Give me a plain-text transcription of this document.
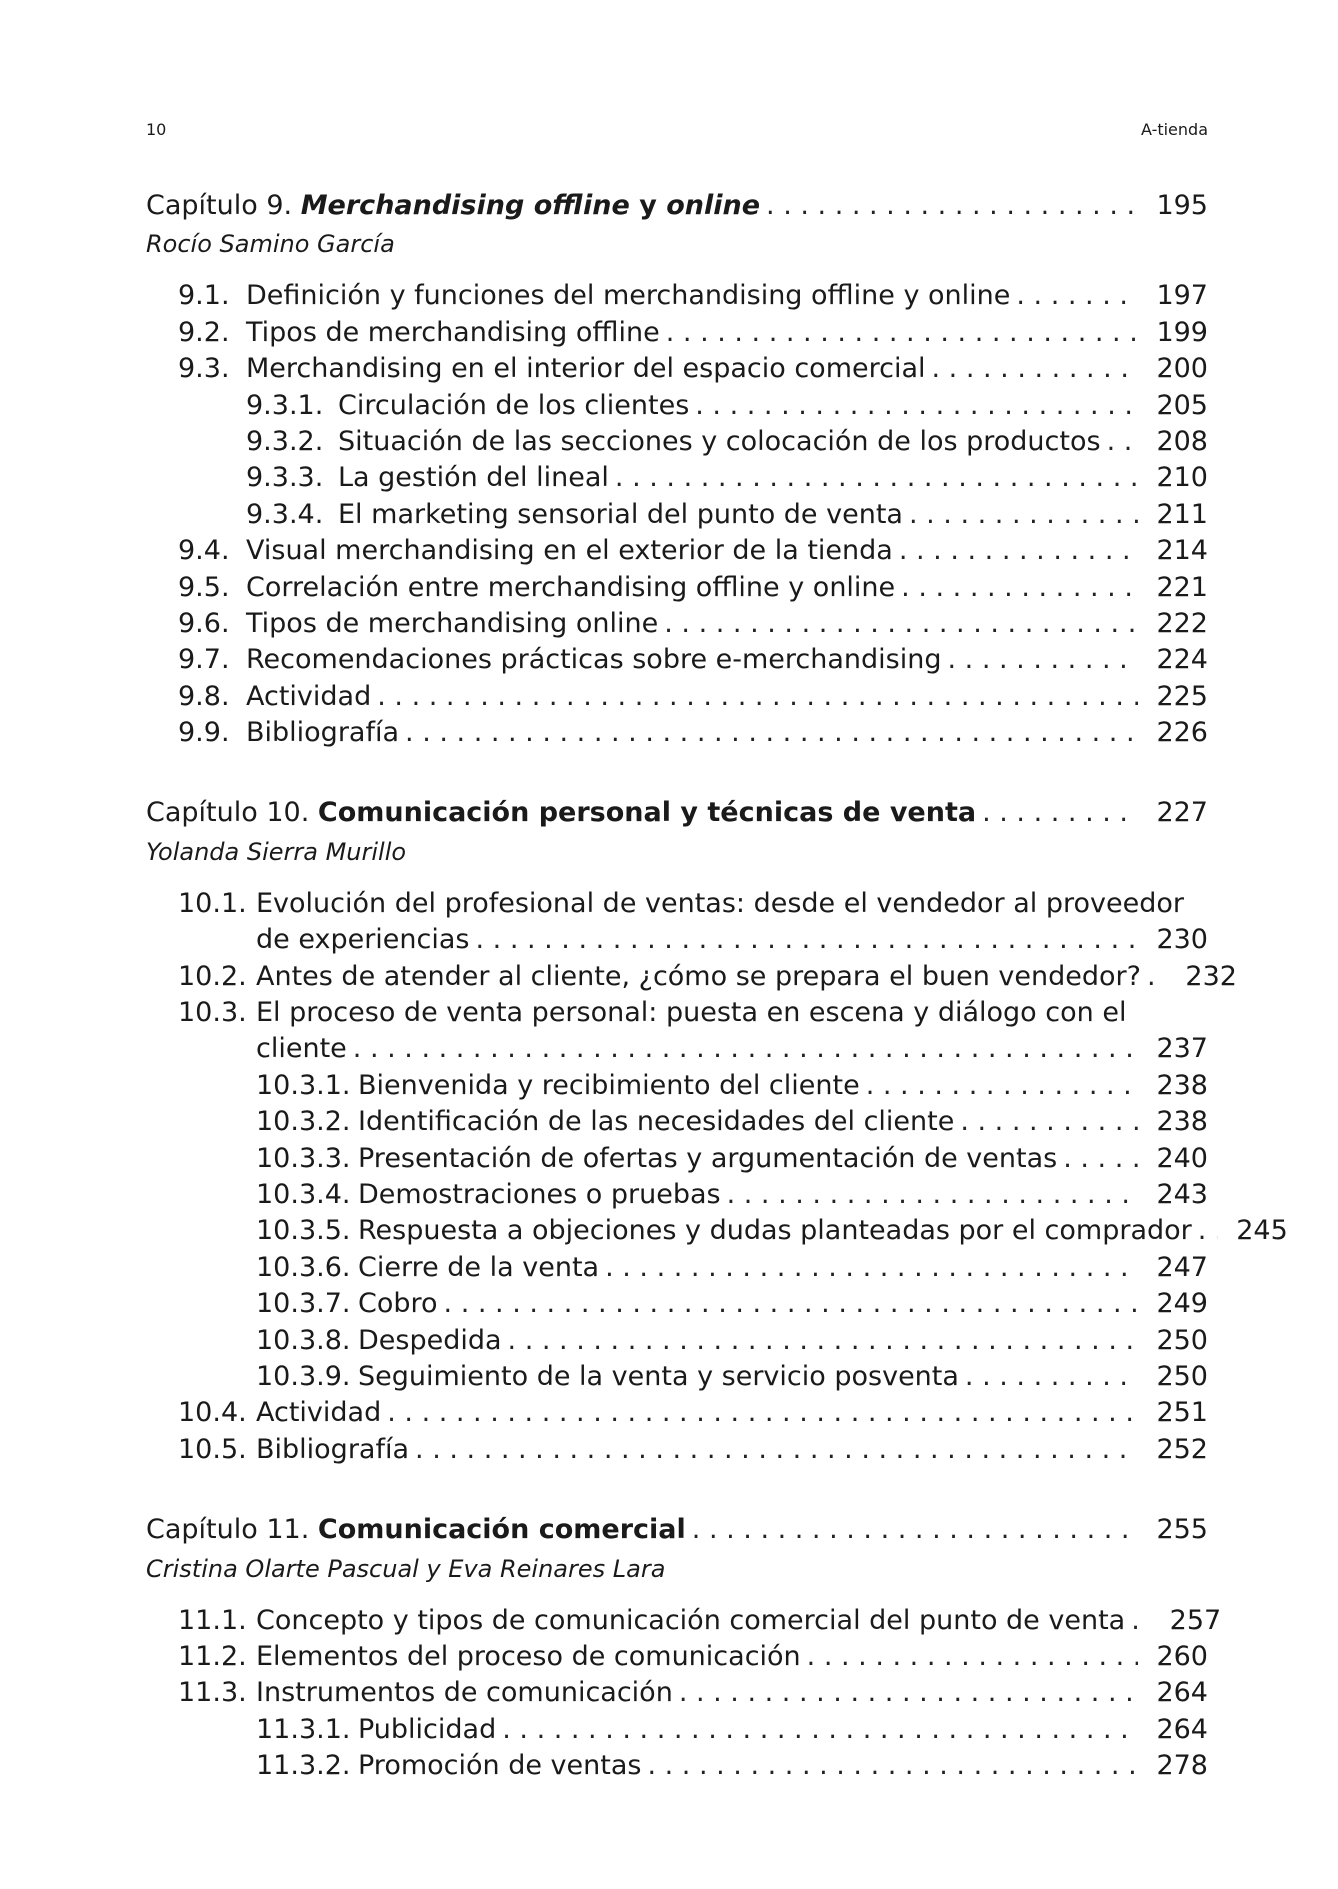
10	A-tienda
Capítulo 9. Merchandising offline y online . . .	195
Rocío Samino García
9.1. Definición y funciones del merchandising offline y online . . .	197
9.2. Tipos de merchandising offline . . .	199
9.3. Merchandising en el interior del espacio comercial . . .	200
9.3.1. Circulación de los clientes . . .	205
9.3.2. Situación de las secciones y colocación de los productos . . .	208
9.3.3. La gestión del lineal . . .	210
9.3.4. El marketing sensorial del punto de venta . . .	211
9.4. Visual merchandising en el exterior de la tienda . . .	214
9.5. Correlación entre merchandising offline y online . . .	221
9.6. Tipos de merchandising online . . .	222
9.7. Recomendaciones prácticas sobre e-merchandising . . .	224
9.8. Actividad . . .	225
9.9. Bibliografía . . .	226
Capítulo 10. Comunicación personal y técnicas de venta . . .	227
Yolanda Sierra Murillo
10.1. Evolución del profesional de ventas: desde el vendedor al proveedor
de experiencias . . .	230
10.2. Antes de atender al cliente, ¿cómo se prepara el buen vendedor? . . .	232
10.3. El proceso de venta personal: puesta en escena y diálogo con el
cliente . . .	237
10.3.1. Bienvenida y recibimiento del cliente . . .	238
10.3.2. Identificación de las necesidades del cliente . . .	238
10.3.3. Presentación de ofertas y argumentación de ventas . . .	240
10.3.4. Demostraciones o pruebas . . .	243
10.3.5. Respuesta a objeciones y dudas planteadas por el comprador . . .	245
10.3.6. Cierre de la venta . . .	247
10.3.7. Cobro . . .	249
10.3.8. Despedida . . .	250
10.3.9. Seguimiento de la venta y servicio posventa . . .	250
10.4. Actividad . . .	251
10.5. Bibliografía . . .	252
Capítulo 11. Comunicación comercial . . .	255
Cristina Olarte Pascual y Eva Reinares Lara
11.1. Concepto y tipos de comunicación comercial del punto de venta . . .	257
11.2. Elementos del proceso de comunicación . . .	260
11.3. Instrumentos de comunicación . . .	264
11.3.1. Publicidad . . .	264
11.3.2. Promoción de ventas . . .	278
